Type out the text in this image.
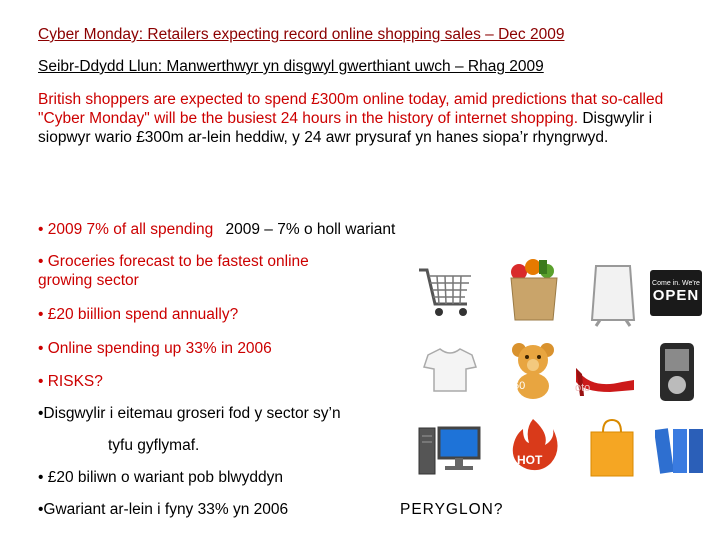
Cyber Monday: Retailers expecting record online shopping sales – Dec 2009
Seibr-Ddydd Llun: Manwerthwyr yn disgwyl gwerthiant uwch – Rhag 2009
British shoppers are expected to spend £300m online today, amid predictions that so-called "Cyber Monday" will be the busiest 24 hours in the history of internet shopping. Disgwylir i siopwyr wario £300m ar-lein heddiw, y 24 awr prysuraf yn hanes siopa’r rhyngrwyd.
• 2009 7% of all spending 2009 – 7% o holl wariant
• Groceries forecast to be fastest online growing sector
• £20 biillion spend annually?
• Online spending up 33% in 2006
• RISKS?
•Disgwylir i eitemau groseri fod y sector sy’n
tyfu gyflymaf.
• £20 biliwn o wariant pob blwyddyn
•Gwariant ar-lein i fyny 33% yn 2006	PERYGLON?
Come in. We're
OPEN
50	oto
HOT
